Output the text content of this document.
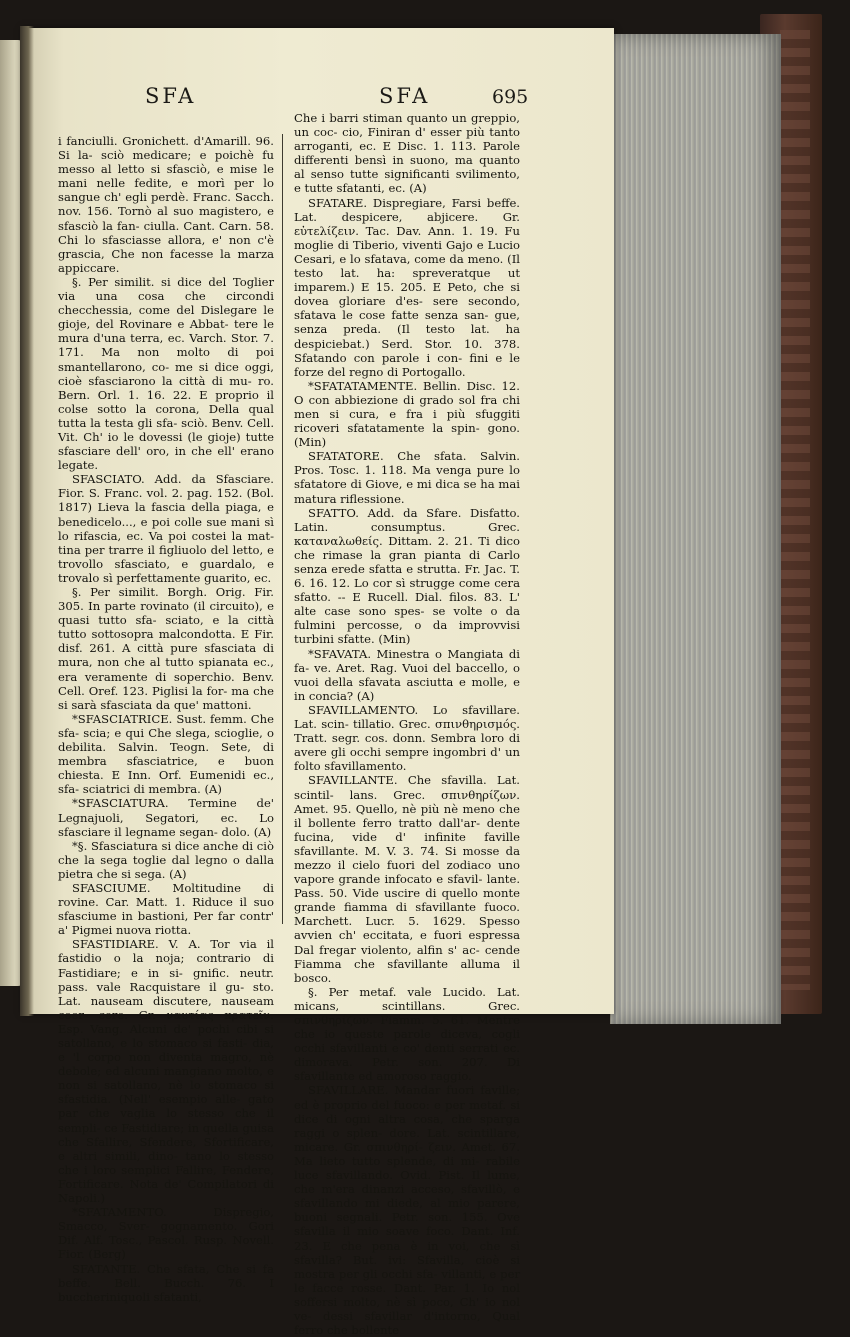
SFA	SFA	695

i fanciulli. Gronichett. d'Amarill. 96. Si la- sciò medicare; e poichè fu messo al letto si sfasciò, e mise le mani nelle fedite, e morì per lo sangue ch' egli perdè. Franc. Sacch. nov. 156. Tornò al suo magistero, e sfasciò la fan- ciulla. Cant. Carn. 58. Chi lo sfasciasse allora, e' non c'è grascia, Che non facesse la marza appiccare.

§. Per similit. si dice del Toglier via una cosa che circondi checchessia, come del Dislegare le gioje, del Rovinare e Abbat- tere le mura d'una terra, ec. Varch. Stor. 7. 171. Ma non molto di poi smantellarono, co- me si dice oggi, cioè sfasciarono la città di mu- ro. Bern. Orl. 1. 16. 22. E proprio il colse sotto la corona, Della qual tutta la testa gli sfa- sciò. Benv. Cell. Vit. Ch' io le dovessi (le gioje) tutte sfasciare dell' oro, in che ell' erano legate.

SFASCIATO. Add. da Sfasciare. Fior. S. Franc. vol. 2. pag. 152. (Bol. 1817) Lieva la fascia della piaga, e benedicelo..., e poi colle sue mani sì lo rifascia, ec. Va poi costei la mat- tina per trarre il figliuolo del letto, e trovollo sfasciato, e guardalo, e trovalo sì perfettamente guarito, ec.

§. Per similit. Borgh. Orig. Fir. 305. In parte rovinato (il circuito), e quasi tutto sfa- sciato, e la città tutto sottosopra malcondotta. E Fir. disf. 261. A città pure sfasciata di mura, non che al tutto spianata ec., era veramente di soperchio. Benv. Cell. Oref. 123. Piglisi la for- ma che si sarà sfasciata da que' mattoni.

*SFASCIATRICE. Sust. femm. Che sfa- scia; e qui Che slega, scioglie, o debilita. Salvin. Teogn. Sete, di membra sfasciatrice, e buon chiesta. E Inn. Orf. Eumenidi ec., sfa- sciatrici di membra. (A)

*SFASCIATURA. Termine de' Legnajuoli, Segatori, ec. Lo sfasciare il legname segan- dolo. (A)

*§. Sfasciatura si dice anche di ciò che la sega toglie dal legno o dalla pietra che si sega. (A)

SFASCIUME. Moltitudine di rovine. Car. Matt. 1. Riduce il suo sfasciume in bastioni, Per far contr' a' Pigmei nuova riotta.

SFASTIDIARE. V. A. Tor via il fastidio o la noja; contrario di Fastidiare; e in si- gnific. neutr. pass. vale Racquistare il gu- sto. Lat. nauseam discutere, nauseam coer- cere. Gr. ναυτίας κρατεῖν. Esp. Vang. Alcuni de' pochi cibi si satollano, e lo stomaco si fasti- dia, e 'l corpo non diventa magro, nè debole; ed alcuni mangiano molto, e non si satollano, nè lo stomaco si sfastidia. (Nell' esempio alle- gato par che vaglia lo stesso che il sempli- ce Fastidiare; in quella guisa che Sfallire, Sfendere, Sfortificare, e altri simili, dino- tano lo stesso che i loro semplici Fallire, Fendere, Fortificare. Nota de' Compilatori di Napoli.)

*SFATAMENTO. Dispregio, Smacco, Sver- gognamento. Gori Dif. Alf. Tosc., Pascol. Rusp. Novell. Fior. (Berg)

SFATANTE. Che sfata, Che si fa beffe. Bell. Bucch. 76. I buccheriniquoli sfatanti,

Che i barri stiman quanto un greppio, un coc- cio, Finiran d' esser più tanto arroganti, ec. E Disc. 1. 113. Parole differenti bensì in suono, ma quanto al senso tutte significanti svilimento, e tutte sfatanti, ec. (A)

SFATARE. Dispregiare, Farsi beffe. Lat. despicere, abjicere. Gr. εὐτελίζειν. Tac. Dav. Ann. 1. 19. Fu moglie di Tiberio, viventi Gajo e Lucio Cesari, e lo sfatava, come da meno. (Il testo lat. ha: spreveratque ut imparem.) E 15. 205. E Peto, che si dovea gloriare d'es- sere secondo, sfatava le cose fatte senza san- gue, senza preda. (Il testo lat. ha despiciebat.) Serd. Stor. 10. 378. Sfatando con parole i con- fini e le forze del regno di Portogallo.

*SFATATAMENTE. Bellin. Disc. 12. O con abbiezione di grado sol fra chi men si cura, e fra i più sfuggiti ricoveri sfatatamente la spin- gono. (Min)

SFATATORE. Che sfata. Salvin. Pros. Tosc. 1. 118. Ma venga pure lo sfatatore di Giove, e mi dica se ha mai matura riflessione.

SFATTO. Add. da Sfare. Disfatto. Latin. consumptus. Grec. καταναλωθείς. Dittam. 2. 21. Ti dico che rimase la gran pianta di Carlo senza erede sfatta e strutta. Fr. Jac. T. 6. 16. 12. Lo cor sì strugge come cera sfatto. -- E Rucell. Dial. filos. 83. L' alte case sono spes- se volte o da fulmini percosse, o da improvvisi turbini sfatte. (Min)

*SFAVATA. Minestra o Mangiata di fa- ve. Aret. Rag. Vuoi del baccello, o vuoi della sfavata asciutta e molle, e in concia? (A)

SFAVILLAMENTO. Lo sfavillare. Lat. scin- tillatio. Grec. σπινθηρισμός. Tratt. segr. cos. donn. Sembra loro di avere gli occhi sempre ingombri d' un folto sfavillamento.

SFAVILLANTE. Che sfavilla. Lat. scintil- lans. Grec. σπινθηρίζων. Amet. 95. Quello, nè più nè meno che il bollente ferro tratto dall'ar- dente fucina, vide d' infinite faville sfavillante. M. V. 3. 74. Si mosse da mezzo il cielo fuori del zodiaco uno vapore grande infocato e sfavil- lante. Pass. 50. Vide uscire di quello monte grande fiamma di sfavillante fuoco. Marchett. Lucr. 5. 1629. Spesso avvien ch' eccitata, e fuori espressa Dal fregar violento, alfin s' ac- cende Fiamma che sfavillante alluma il bosco.

§. Per metaf. vale Lucido. Lat. micans, scintillans. Grec. σπινθηρίζων. Fiamm. 5. 61. Mentre che io queste parole diceva, cogli occhi sfavillanti e co' denti serrati ec. dimorava. Petr. son. 207. Di sfavillante ed amoroso raggio.

SFAVILLARE. Mandar fuori faville; ed è proprio del fuoco: e per metaf. si dice di ogni altra cosa, che sparga raggi o splen- dore. Lat. scintillare, micare. Gr. σπινθηρί- ζειν. Amet. 67. Ma lieto tutto splende, di mi- rabile luce sfavillando. Ovid. Pist. Il lume, che m'era dinanzi acceso, sfavillò, e sfavillando mi diede, al mio parere, buoni segnali. Petr. son. 155. Ove sfavilla il mio soave foco. Dant. Inf. 23. E che pena è in voi, che sì sfavilla? But. ivi: Sfavilla, cioè si mostra per gli occhi sfa- villanti, e per le facce rosse. Dant. Par. 1. Io nol soffersi molto, nè sì poco, Ch' io nol ve- dessi sfavillar d'intorno, Qual ferro che bollente
